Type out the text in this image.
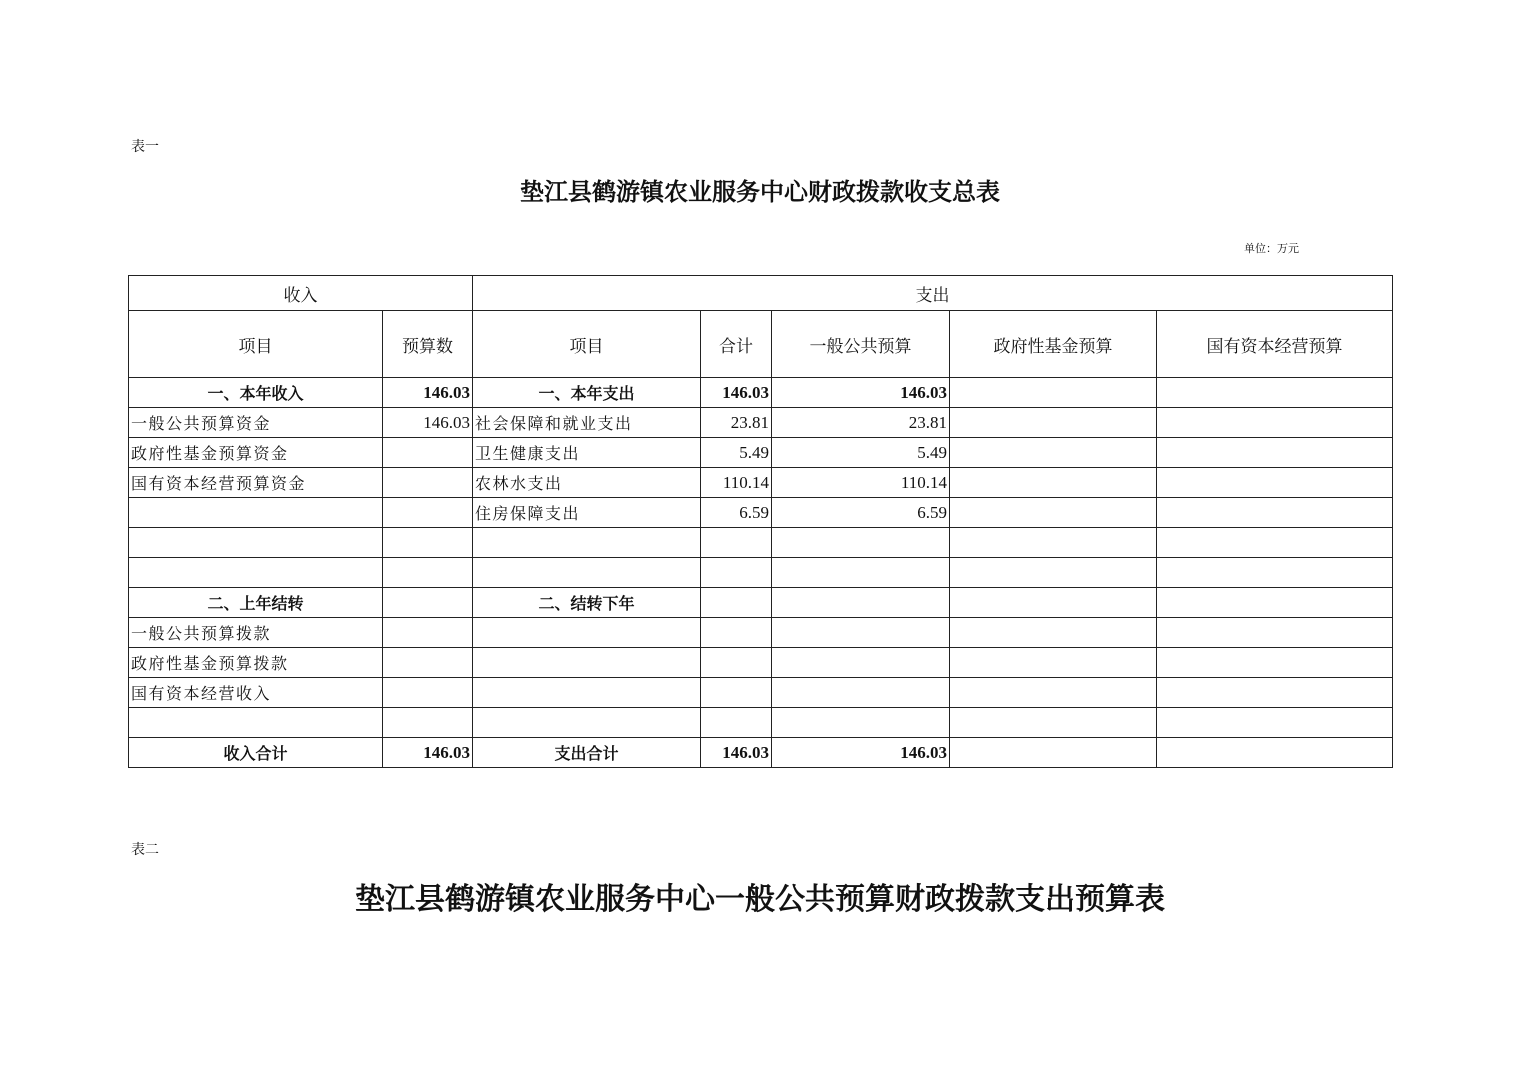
表一
垫江县鹤游镇农业服务中心财政拨款收支总表
单位：万元
收入		支出				
项目	预算数	项目	合计	一般公共预算	政府性基金预算	国有资本经营预算
一、本年收入	146.03	一、本年支出	146.03	146.03		
一般公共预算资金	146.03	社会保障和就业支出	23.81	23.81		
政府性基金预算资金		卫生健康支出	5.49	5.49		
国有资本经营预算资金		农林水支出	110.14	110.14		
		住房保障支出	6.59	6.59		

二、上年结转		二、结转下年				
一般公共预算拨款						
政府性基金预算拨款						
国有资本经营收入						

收入合计	146.03	支出合计	146.03	146.03		
表二
垫江县鹤游镇农业服务中心一般公共预算财政拨款支出预算表
